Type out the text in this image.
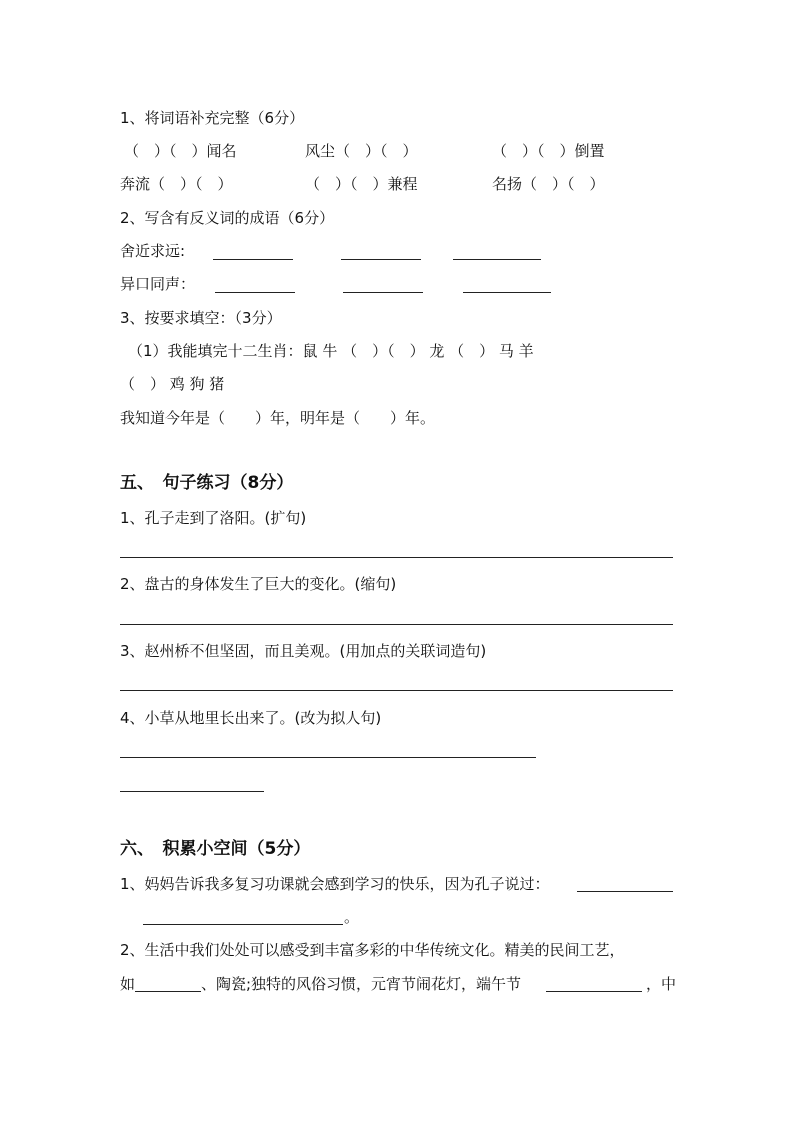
1、将词语补充完整（6分）
（　）（　）闻名	风尘（　）（　）	（　）（　）倒置
奔流（　）（　）	（　）（　）兼程	名扬（　）（　）
2、写含有反义词的成语（6分）
舍近求远:
异口同声：
3、按要求填空：（3分）
（1）我能填完十二生肖：鼠 牛 （　）（　） 龙 （　） 马 羊
（　） 鸡 狗 猪
我知道今年是（　　）年，明年是（　　）年。
五、　句子练习（8分）
1、孔子走到了洛阳。(扩句)
2、盘古的身体发生了巨大的变化。(缩句)
3、赵州桥不但坚固，而且美观。(用加点的关联词造句)
4、小草从地里长出来了。(改为拟人句)
六、　积累小空间（5分）
1、妈妈告诉我多复习功课就会感到学习的快乐，因为孔子说过：
。
2、生活中我们处处可以感受到丰富多彩的中华传统文化。精美的民间工艺，
如	、陶瓷;独特的风俗习惯，元宵节闹花灯，端午节	，中
